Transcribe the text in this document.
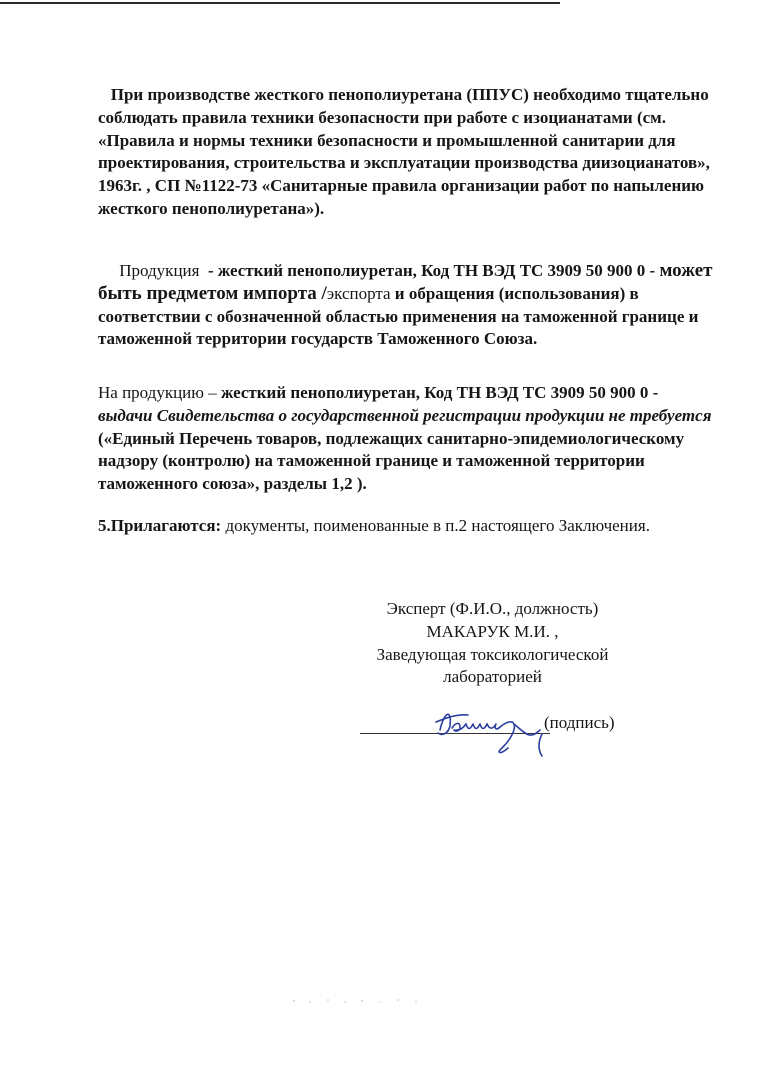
При производстве жесткого пенополиуретана (ППУС) необходимо тщательно соблюдать правила техники безопасности при работе с изоцианатами (см. «Правила и нормы техники безопасности и промышленной санитарии для проектирования, строительства и эксплуатации производства диизоцианатов», 1963г. , СП №1122-73 «Санитарные правила организации работ по напылению жесткого пенополиуретана»).

Продукция - жесткий пенополиуретан, Код ТН ВЭД ТС 3909 50 900 0 - может быть предметом импорта /экспорта и обращения (использования) в соответствии с обозначенной областью применения на таможенной границе и таможенной территории государств Таможенного Союза.

На продукцию – жесткий пенополиуретан, Код ТН ВЭД ТС 3909 50 900 0 - выдачи Свидетельства о государственной регистрации продукции не требуется («Единый Перечень товаров, подлежащих санитарно-эпидемиологическому надзору (контролю) на таможенной границе и таможенной территории таможенного союза», разделы 1,2 ).

5.Прилагаются: документы, поименованные в п.2 настоящего Заключения.

Эксперт (Ф.И.О., должность)
МАКАРУК М.И. ,
Заведующая токсикологической
лабораторией
(подпись)
